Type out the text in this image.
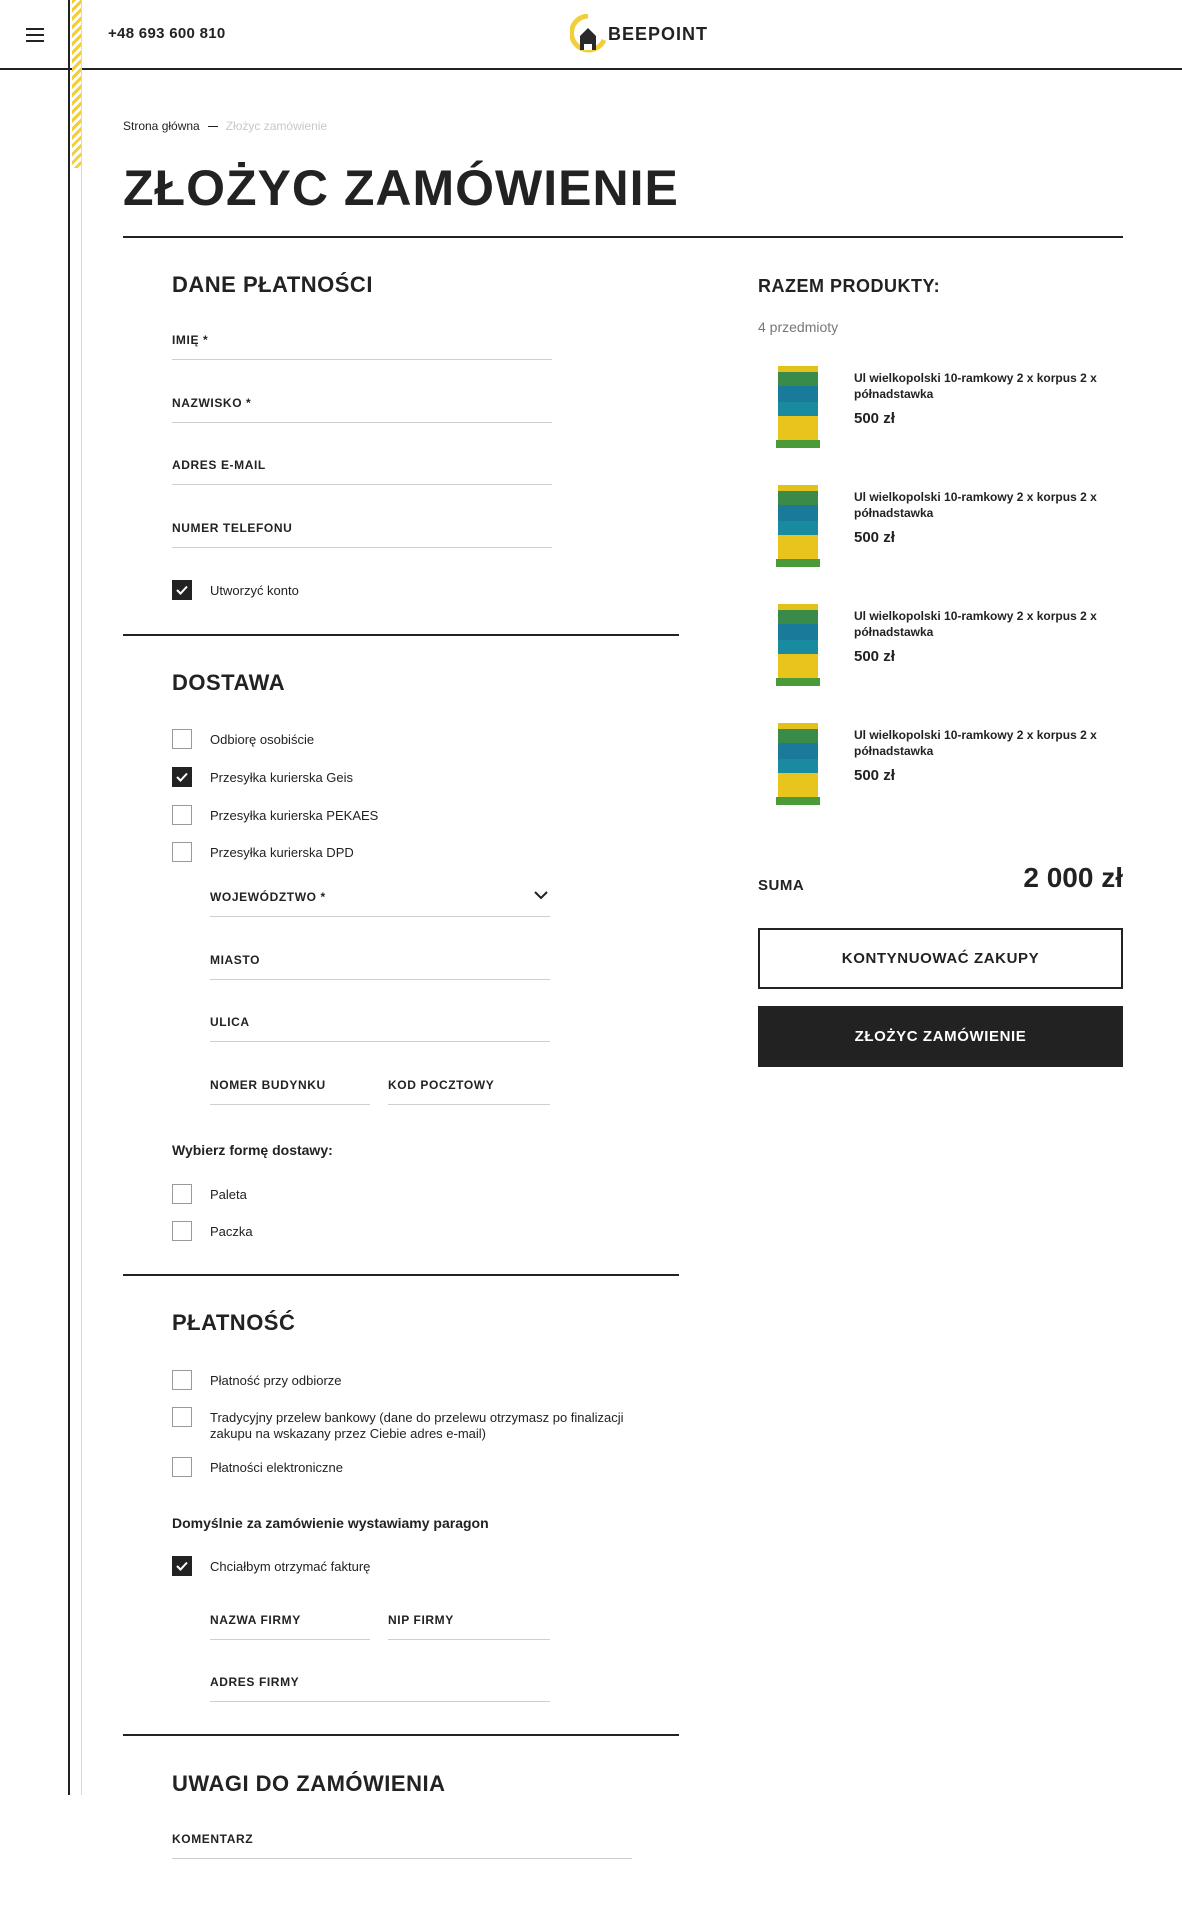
+48 693 600 810	BEEPOINT
Strona główna Złożyc zamówienie
ZŁOŻYC ZAMÓWIENIE
DANE PŁATNOŚCI
IMIĘ *
NAZWISKO *
ADRES E-MAIL
NUMER TELEFONU
Utworzyć konto
DOSTAWA
Odbiorę osobiście
Przesyłka kurierska Geis
Przesyłka kurierska PEKAES
Przesyłka kurierska DPD
WOJEWÓDZTWO *
MIASTO
ULICA
NOMER BUDYNKU	KOD POCZTOWY
Wybierz formę dostawy:
Paleta
Paczka
PŁATNOŚĆ
Płatność przy odbiorze
Tradycyjny przelew bankowy (dane do przelewu otrzymasz po finalizacji zakupu na wskazany przez Ciebie adres e-mail)
Płatności elektroniczne
Domyślnie za zamówienie wystawiamy paragon
Chciałbym otrzymać fakturę
NAZWA FIRMY	NIP FIRMY
ADRES FIRMY
UWAGI DO ZAMÓWIENIA
KOMENTARZ
RAZEM PRODUKTY:
4 przedmioty
Ul wielkopolski 10-ramkowy 2 x korpus 2 x półnadstawka
500 zł
Ul wielkopolski 10-ramkowy 2 x korpus 2 x półnadstawka
500 zł
Ul wielkopolski 10-ramkowy 2 x korpus 2 x półnadstawka
500 zł
Ul wielkopolski 10-ramkowy 2 x korpus 2 x półnadstawka
500 zł
SUMA	2 000 zł
KONTYNUOWAĆ ZAKUPY
ZŁOŻYC ZAMÓWIENIE
